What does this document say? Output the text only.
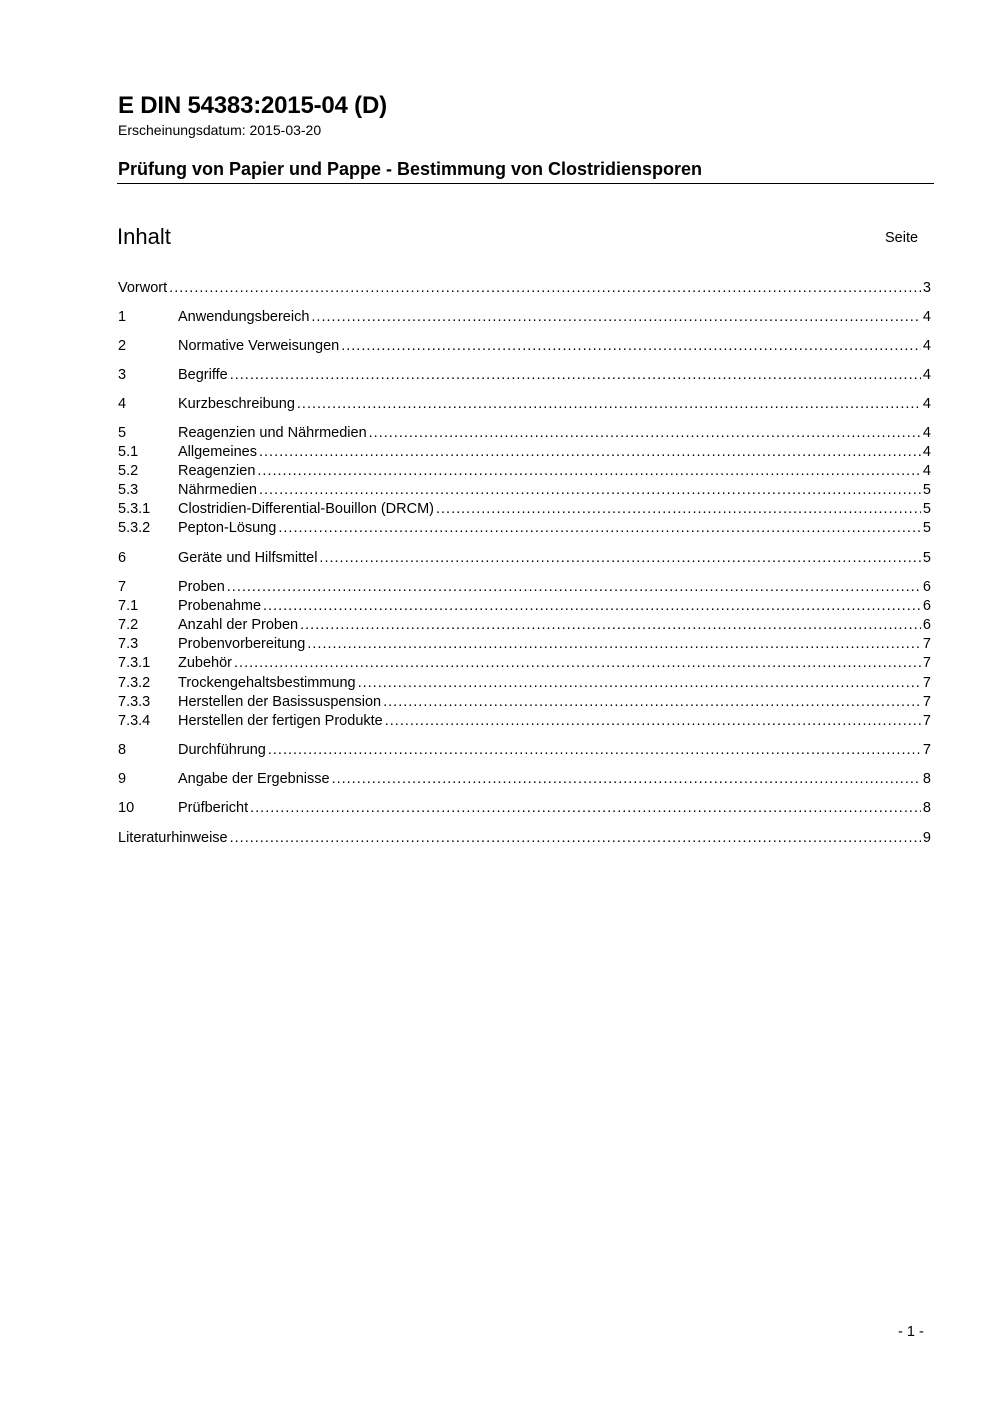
E DIN 54383:2015-04 (D)
Erscheinungsdatum: 2015-03-20
Prüfung von Papier und Pappe - Bestimmung von Clostridiensporen
Inhalt	Seite
Vorwort .....	3
1	Anwendungsbereich .....	4
2	Normative Verweisungen .....	4
3	Begriffe .....	4
4	Kurzbeschreibung .....	4
5	Reagenzien und Nährmedien .....	4
5.1	Allgemeines .....	4
5.2	Reagenzien .....	4
5.3	Nährmedien .....	5
5.3.1	Clostridien-Differential-Bouillon (DRCM) .....	5
5.3.2	Pepton-Lösung .....	5
6	Geräte und Hilfsmittel .....	5
7	Proben .....	6
7.1	Probenahme .....	6
7.2	Anzahl der Proben .....	6
7.3	Probenvorbereitung .....	7
7.3.1	Zubehör .....	7
7.3.2	Trockengehaltsbestimmung .....	7
7.3.3	Herstellen der Basissuspension .....	7
7.3.4	Herstellen der fertigen Produkte .....	7
8	Durchführung .....	7
9	Angabe der Ergebnisse .....	8
10	Prüfbericht .....	8
Literaturhinweise .....	9
- 1 -
